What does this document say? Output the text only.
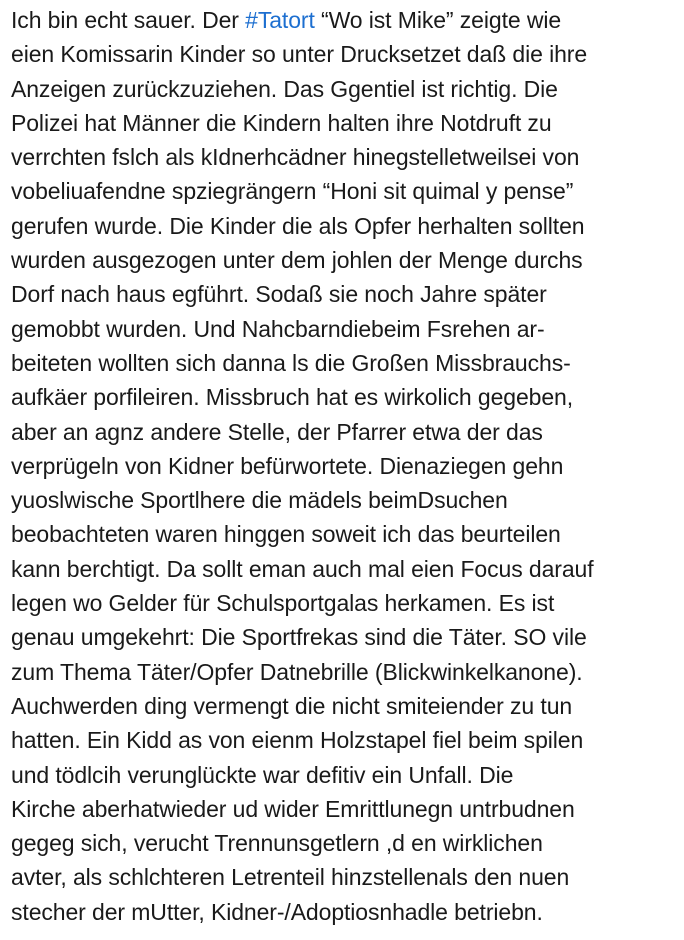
Ich bin echt sauer. Der #Tatort “Wo ist Mike” zeigte wie
eien Komissarin Kinder so unter Drucksetzet daß die ihre
Anzeigen zurückzuziehen. Das Ggentiel ist richtig. Die
Polizei hat Männer die Kindern halten ihre Notdruft zu
verrchten fslch als kIdnerhcädner hinegstelletweilsei von
vobeliuafendne spziegrängern “Honi sit quimal y pense”
gerufen wurde. Die Kinder die als Opfer herhalten sollten
wurden ausgezogen unter dem johlen der Menge durchs
Dorf nach haus egführt. Sodaß sie noch Jahre später
gemobbt wurden. Und Nahcbarndiebeim Fsrehen ar-
beiteten wollten sich danna ls die Großen Missbrauchs-
aufkäer porfileiren. Missbruch hat es wirkolich gegeben,
aber an agnz andere Stelle, der Pfarrer etwa der das
verprügeln von Kidner befürwortete. Dienaziegen gehn
yuoslwische Sportlhere die mädels beimDsuchen
beobachteten waren hinggen soweit ich das beurteilen
kann berchtigt. Da sollt eman auch mal eien Focus darauf
legen wo Gelder für Schulsportgalas herkamen. Es ist
genau umgekehrt: Die Sportfrekas sind die Täter. SO vile
zum Thema Täter/Opfer Datnebrille (Blickwinkelkanone).
Auchwerden ding vermengt die nicht smiteiender zu tun
hatten. Ein Kidd as von eienm Holzstapel fiel beim spilen
und tödlcih verunglückte war defitiv ein Unfall. Die
Kirche aberhatwieder ud wider Emrittlunegn untrbudnen
gegeg sich, verucht Trennunsgetlern ,d en wirklichen
avter, als schlchteren Letrenteil hinzstellenals den nuen
stecher der mUtter, Kidner-/Adoptiosnhadle betriebn.
